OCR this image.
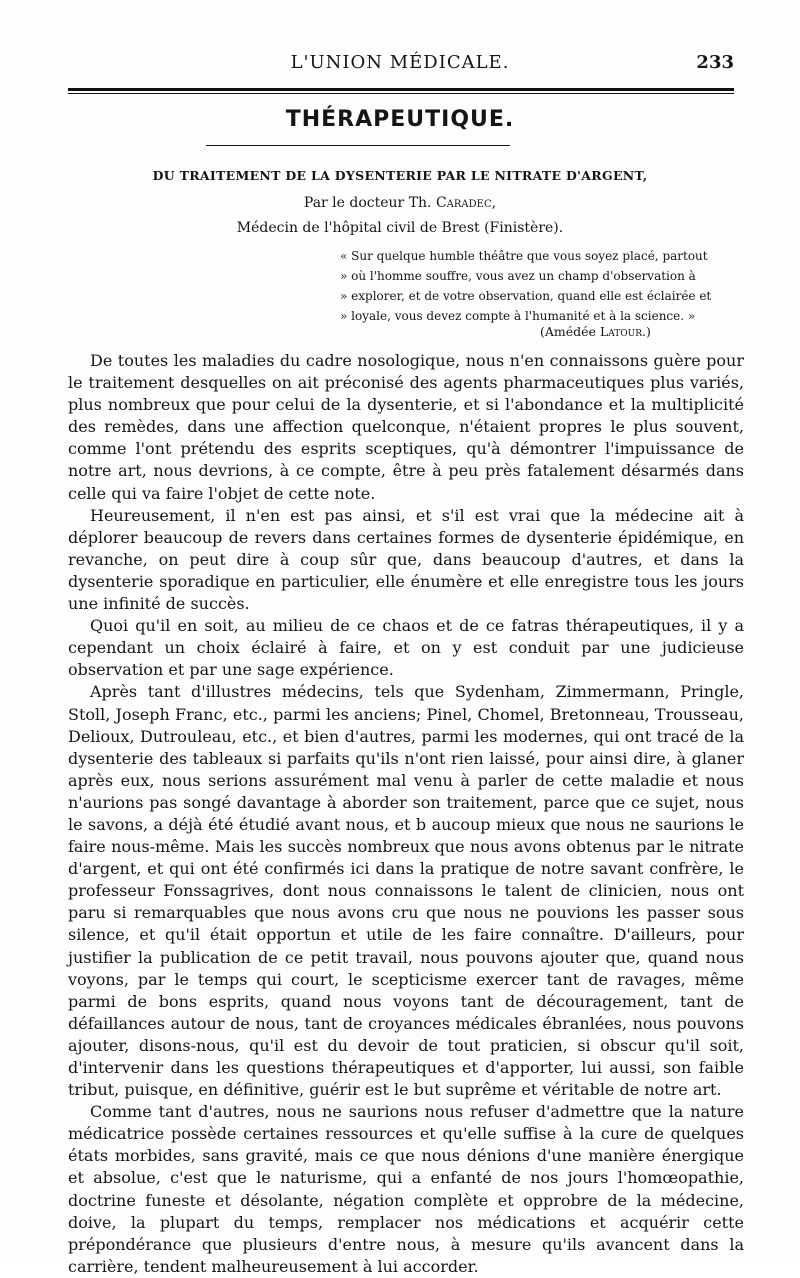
L'UNION MÉDICALE.	233
THÉRAPEUTIQUE.
DU TRAITEMENT DE LA DYSENTERIE PAR LE NITRATE D'ARGENT,
Par le docteur Th. Caradec,
Médecin de l'hôpital civil de Brest (Finistère).
« Sur quelque humble théâtre que vous soyez placé, partout
» où l'homme souffre, vous avez un champ d'observation à
» explorer, et de votre observation, quand elle est éclairée et
» loyale, vous devez compte à l'humanité et à la science. »
(Amédée Latour.)

De toutes les maladies du cadre nosologique, nous n'en connaissons guère pour le traitement desquelles on ait préconisé des agents pharmaceutiques plus variés, plus nombreux que pour celui de la dysenterie, et si l'abondance et la multiplicité des remèdes, dans une affection quelconque, n'étaient propres le plus souvent, comme l'ont prétendu des esprits sceptiques, qu'à démontrer l'impuissance de notre art, nous devrions, à ce compte, être à peu près fatalement désarmés dans celle qui va faire l'objet de cette note.

Heureusement, il n'en est pas ainsi, et s'il est vrai que la médecine ait à déplorer beaucoup de revers dans certaines formes de dysenterie épidémique, en revanche, on peut dire à coup sûr que, dans beaucoup d'autres, et dans la dysenterie sporadique en particulier, elle énumère et elle enregistre tous les jours une infinité de succès.

Quoi qu'il en soit, au milieu de ce chaos et de ce fatras thérapeutiques, il y a cependant un choix éclairé à faire, et on y est conduit par une judicieuse observation et par une sage expérience.

Après tant d'illustres médecins, tels que Sydenham, Zimmermann, Pringle, Stoll, Joseph Franc, etc., parmi les anciens; Pinel, Chomel, Bretonneau, Trousseau, Delioux, Dutrouleau, etc., et bien d'autres, parmi les modernes, qui ont tracé de la dysenterie des tableaux si parfaits qu'ils n'ont rien laissé, pour ainsi dire, à glaner après eux, nous serions assurément mal venu à parler de cette maladie et nous n'aurions pas songé davantage à aborder son traitement, parce que ce sujet, nous le savons, a déjà été étudié avant nous, et b aucoup mieux que nous ne saurions le faire nous-même. Mais les succès nombreux que nous avons obtenus par le nitrate d'argent, et qui ont été confirmés ici dans la pratique de notre savant confrère, le professeur Fonssagrives, dont nous connaissons le talent de clinicien, nous ont paru si remarquables que nous avons cru que nous ne pouvions les passer sous silence, et qu'il était opportun et utile de les faire connaître. D'ailleurs, pour justifier la publication de ce petit travail, nous pouvons ajouter que, quand nous voyons, par le temps qui court, le scepticisme exercer tant de ravages, même parmi de bons esprits, quand nous voyons tant de découragement, tant de défaillances autour de nous, tant de croyances médicales ébranlées, nous pouvons ajouter, disons-nous, qu'il est du devoir de tout praticien, si obscur qu'il soit, d'intervenir dans les questions thérapeutiques et d'apporter, lui aussi, son faible tribut, puisque, en définitive, guérir est le but suprême et véritable de notre art.

Comme tant d'autres, nous ne saurions nous refuser d'admettre que la nature médicatrice possède certaines ressources et qu'elle suffise à la cure de quelques états morbides, sans gravité, mais ce que nous dénions d'une manière énergique et absolue, c'est que le naturisme, qui a enfanté de nos jours l'homœopathie, doctrine funeste et désolante, négation complète et opprobre de la médecine, doive, la plupart du temps, remplacer nos médications et acquérir cette prépondérance que plusieurs d'entre nous, à mesure qu'ils avancent dans la carrière, tendent malheureusement à lui accorder.
